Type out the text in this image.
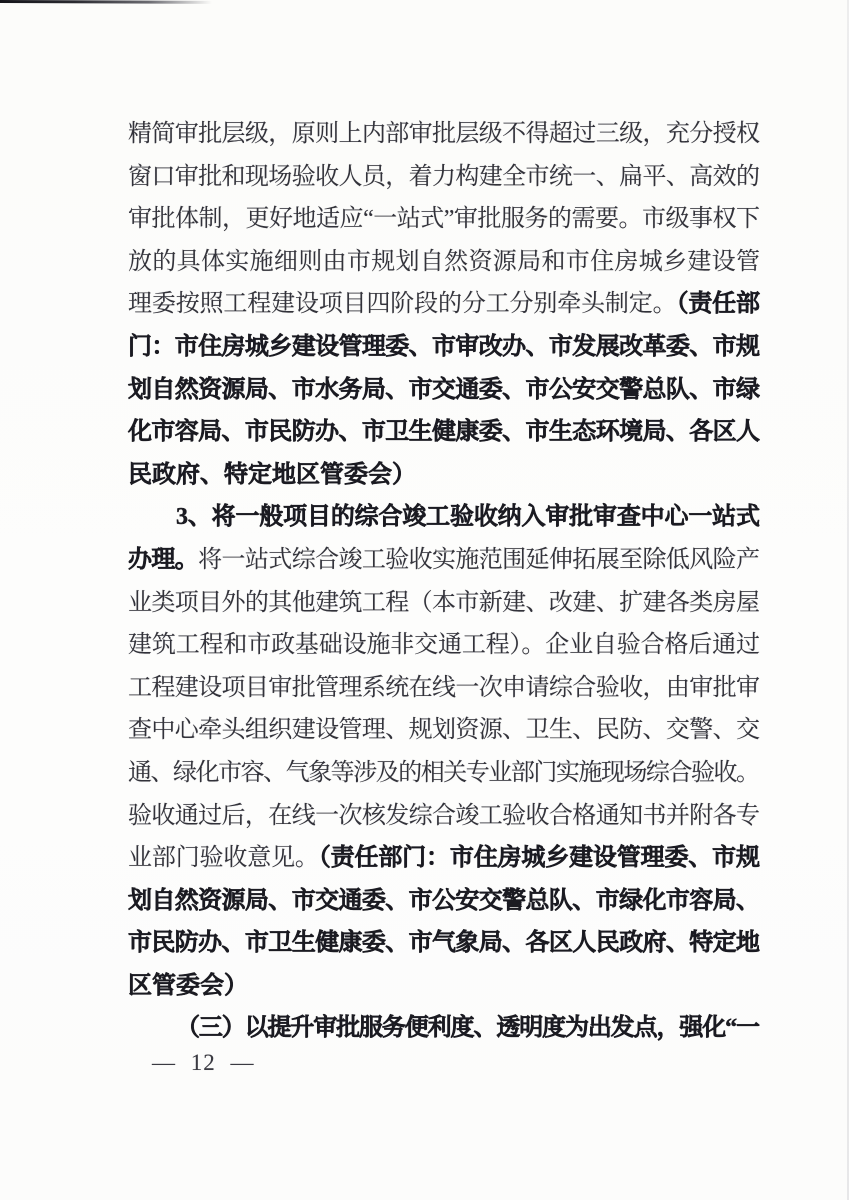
精简审批层级，原则上内部审批层级不得超过三级，充分授权
窗口审批和现场验收人员，着力构建全市统一、扁平、高效的
审批体制，更好地适应“一站式”审批服务的需要。市级事权下
放的具体实施细则由市规划自然资源局和市住房城乡建设管
理委按照工程建设项目四阶段的分工分别牵头制定。（责任部
门：市住房城乡建设管理委、市审改办、市发展改革委、市规
划自然资源局、市水务局、市交通委、市公安交警总队、市绿
化市容局、市民防办、市卫生健康委、市生态环境局、各区人
民政府、特定地区管委会）
3、将一般项目的综合竣工验收纳入审批审查中心一站式
办理。将一站式综合竣工验收实施范围延伸拓展至除低风险产
业类项目外的其他建筑工程（本市新建、改建、扩建各类房屋
建筑工程和市政基础设施非交通工程）。企业自验合格后通过
工程建设项目审批管理系统在线一次申请综合验收，由审批审
查中心牵头组织建设管理、规划资源、卫生、民防、交警、交
通、绿化市容、气象等涉及的相关专业部门实施现场综合验收。
验收通过后，在线一次核发综合竣工验收合格通知书并附各专
业部门验收意见。（责任部门：市住房城乡建设管理委、市规
划自然资源局、市交通委、市公安交警总队、市绿化市容局、
市民防办、市卫生健康委、市气象局、各区人民政府、特定地
区管委会）
（三）以提升审批服务便利度、透明度为出发点，强化“一
— 12 —
